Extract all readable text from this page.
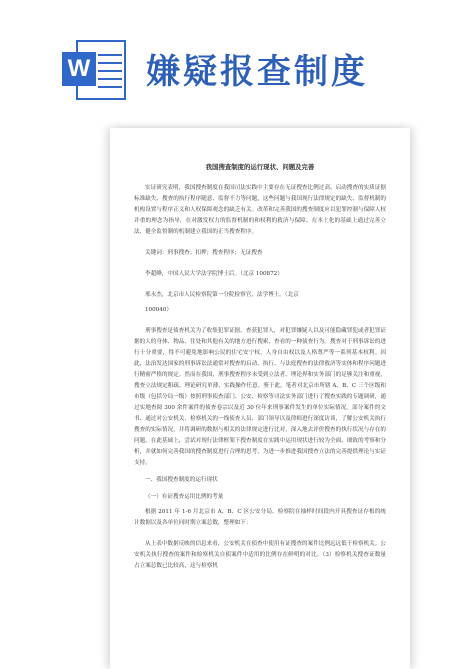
W 嫌疑报查制度
我国搜查制度的运行现状、问题及完善

实证研究表明，我国搜查制度在我国司法实践中主要存在无证搜查比例过高、启动搜查的实质证据标准缺失、搜查的执行程序随意、监督不力等问题，这些问题与我国现行法律规定的缺失、监督机制的机构设置与程序正义和人权保障观念的缺乏有关。改革和完善我国的搜查制度应以犯罪控制与保障人权并重的理念为指导，在对激发权力的监督机制的和权利的救济与保障、在本土化的基础上通过完善立法、健全监督制的机制建立我国的正当搜查程序。

关键词：刑事搜查；扣押；搜查程序；无证搜查

李超峰，中国人民大学法学院博士后。（北京 100872）

邢永杰，北京市人民检察院第一分院检察官，法学博士。（北京

100040）

刑事搜查是侦查机关为了收集犯罪证据、查获犯罪人，对犯罪嫌疑人以及可能隐藏罪犯或者犯罪证据的人的身体、物品、住处和其他有关的地方进行搜索、查看的一种侦查行为。搜查对于刑事诉讼的进行十分重要，得不可避免地影响公民的住宅安宁权、人身自由权以及人格尊严等一系列基本权利。因此，法治发达国家的刑事诉讼法通常对搜查的启动、执行、与法庭搜查的法律救济等实体和程序问题进行精密严格的规定。然而在我国，刑事搜查程序未受到立法者、理论界和实务部门的足够关注和重视，搜查立法规定粗疏、理论研究单薄、实践操作任意。鉴于此，笔者对北京市所辖 A、B、C 三个区级和市级（包括分局一级）按照刑事侦查部门、公安、检察等司法实务部门进行了搜查实践的专题调研，通过实地查阅 300 余件案件的侦查卷宗以及近 30 位年来刑事案件发生的单位实际情况。部分案件的文书、通过对公安机关、检察机关的一线侦查人员、部门领导以及律师进行深度访谈，了解公安机关执行搜查的实际情况，并将调研的数据与相关的法律规定进行比对，深入地去评价搜查的执行状况与存在的问题。在此基础上，尝试对现行法律框架下搜查制度在实践中运用现状进行较为全面、细致的考察和分析，并就如何完善我国的搜查制度进行合理的思考，为进一步推进我国搜查立法的完善提供理论与实证支持。

一、我国搜查制度的运行现状

（一）有证搜查运用比例的考量

根据 2011 年 1-6 月北京市 A、B、C 区公安分局、检察院在抽样时间段内开具搜查证存根的统计数据以及各单位同时期立案总数，整理如下：

从上表中数据反映的信息来看，公安机关在侦查中使用有证搜查的案件比例远远低于检察机关。公安机关执行搜查的案件和检察机关自侦案件中适用的比例存在鲜明的对比。（3）检察机关搜查证数量占立案总数已比较高，这与检察机
